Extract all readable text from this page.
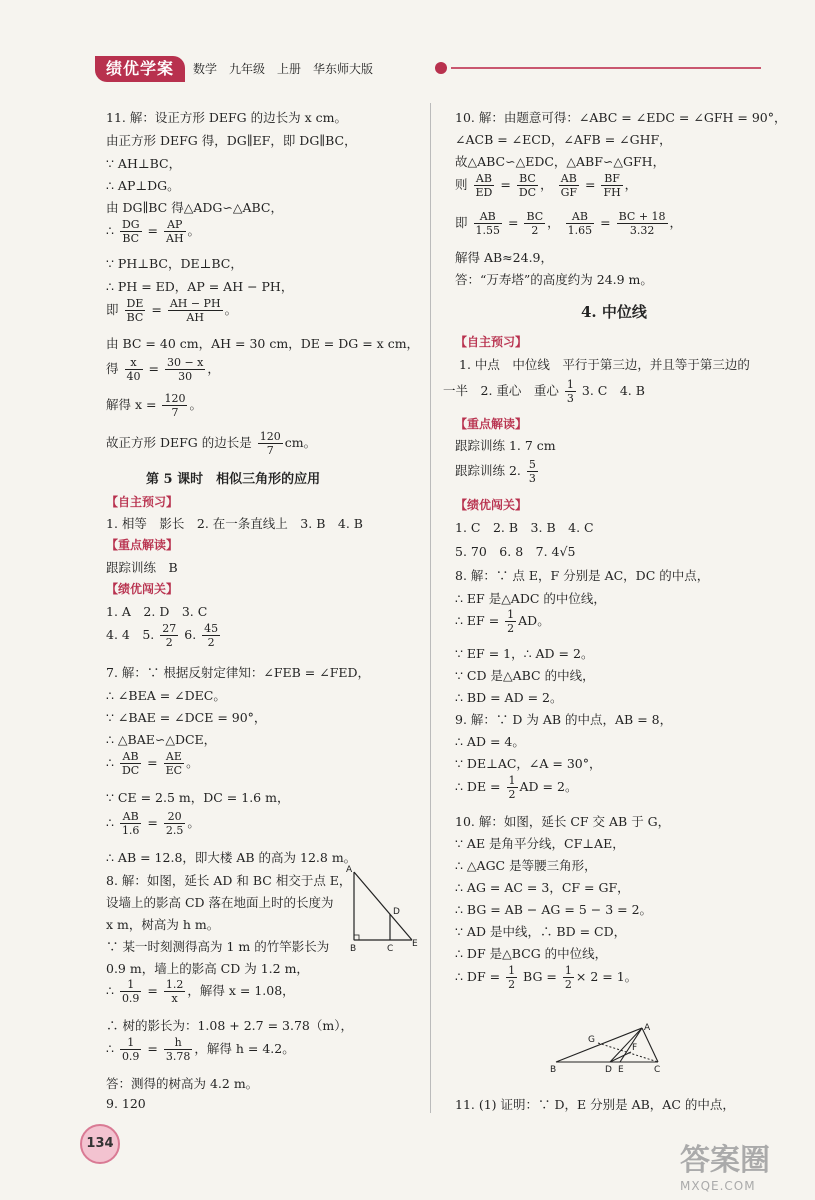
绩优学案	数学　九年级　上册　华东师大版
11. 解：设正方形 DEFG 的边长为 x cm。
由正方形 DEFG 得，DG∥EF，即 DG∥BC，
∵ AH⊥BC，
∴ AP⊥DG。
由 DG∥BC 得△ADG∽△ABC，
∴ $\frac{DG}{BC} = \frac{AP}{AH}$ 。
∵ PH⊥BC，DE⊥BC，
∴ PH = ED，AP = AH − PH，
即 $\frac{DE}{BC} = \frac{AH - PH}{AH}$ 。
由 BC = 40 cm，AH = 30 cm，DE = DG = x cm，
得 $\frac{x}{40} = \frac{30 - x}{30}$ ，
解得 $x = \frac{120}{7}$ 。
故正方形 DEFG 的边长是 $\frac{120}{7}$ cm。
第 5 课时　相似三角形的应用
【自主预习】
1. 相等　影长　2. 在一条直线上　3. B　4. B
【重点解读】
跟踪训练　B
【绩优闯关】
1. A　2. D　3. C
4. 4　5. $\frac{27}{2} 6$. $\frac{45}{2}$
7. 解：∵ 根据反射定律知：∠FEB = ∠FED，
∴ ∠BEA = ∠DEC。
∵ ∠BAE = ∠DCE = 90°，
∴ △BAE∽△DCE，
∴ $\frac{AB}{DC} = \frac{AE}{EC}$ 。
∵ CE = 2.5 m，DC = 1.6 m，
∴ $\frac{AB}{1.6} = \frac{20}{2.5}$ 。
∴ AB = 12.8，即大楼 AB 的高为 12.8 m。
8. 解：如图，延长 AD 和 BC 相交于点 E，
设墙上的影高 CD 落在地面上时的长度为
x m，树高为 h m。
∵ 某一时刻测得高为 1 m 的竹竿影长为
0.9 m，墙上的影高 CD 为 1.2 m，
∴ $\frac{1}{0.9} = \frac{1.2}{x}$ ，解得 x = 1.08，
∴ 树的影长为：1.08 + 2.7 = 3.78（m），
∴ $\frac{1}{0.9} = \frac{h}{3.78}$ ，解得 h = 4.2。
答：测得的树高为 4.2 m。
9. 120
A
B	C
D
E
10. 解：由题意可得：∠ABC = ∠EDC = ∠GFH = 90°，
∠ACB = ∠ECD，∠AFB = ∠GHF，
故△ABC∽△EDC，△ABF∽△GFH，
则 $\frac{AB}{ED} = \frac{BC}{DC}$ ， $\frac{AB}{GF} = \frac{BF}{FH}$ ，
即 $\frac{AB}{1.55} = \frac{BC}{2}$ ， $\frac{AB}{1.65} = \frac{BC + 18}{3.32}$ ，
解得 AB≈24.9，
答：“万寿塔”的高度约为 24.9 m。
4. 中位线
【自主预习】
1. 中点　中位线　平行于第三边，并且等于第三边的
一半　2. 重心　重心 $\frac{1}{3} 3$. C　4. B
【重点解读】
跟踪训练 1. 7 cm
跟踪训练 2. $\frac{5}{3}$
【绩优闯关】
1. C　2. B　3. B　4. C
5. 70　6. 8　7. 4√5
8. 解：∵ 点 E，F 分别是 AC，DC 的中点，
∴ EF 是△ADC 的中位线，
∴ EF = $\frac{1}{2}$ AD。
∵ EF = 1，∴ AD = 2。
∵ CD 是△ABC 的中线，
∴ BD = AD = 2。
9. 解：∵ D 为 AB 的中点，AB = 8，
∴ AD = 4。
∵ DE⊥AC，∠A = 30°，
∴ DE = $\frac{1}{2}$ AD = 2。
10. 解：如图，延长 CF 交 AB 于 G，
∵ AE 是角平分线，CF⊥AE，
∴ △AGC 是等腰三角形，
∴ AG = AC = 3，CF = GF，
∴ BG = AB − AG = 5 − 3 = 2。
∵ AD 是中线，∴ BD = CD，
∴ DF 是△BCG 的中位线，
∴ DF = $\frac{1}{2}$ BG = $\frac{1}{2} \times 2 = 1$。
11. (1) 证明：∵ D，E 分别是 AB，AC 的中点，
A
B	C
D E
F
G
134	答案圈
MXQE.COM
